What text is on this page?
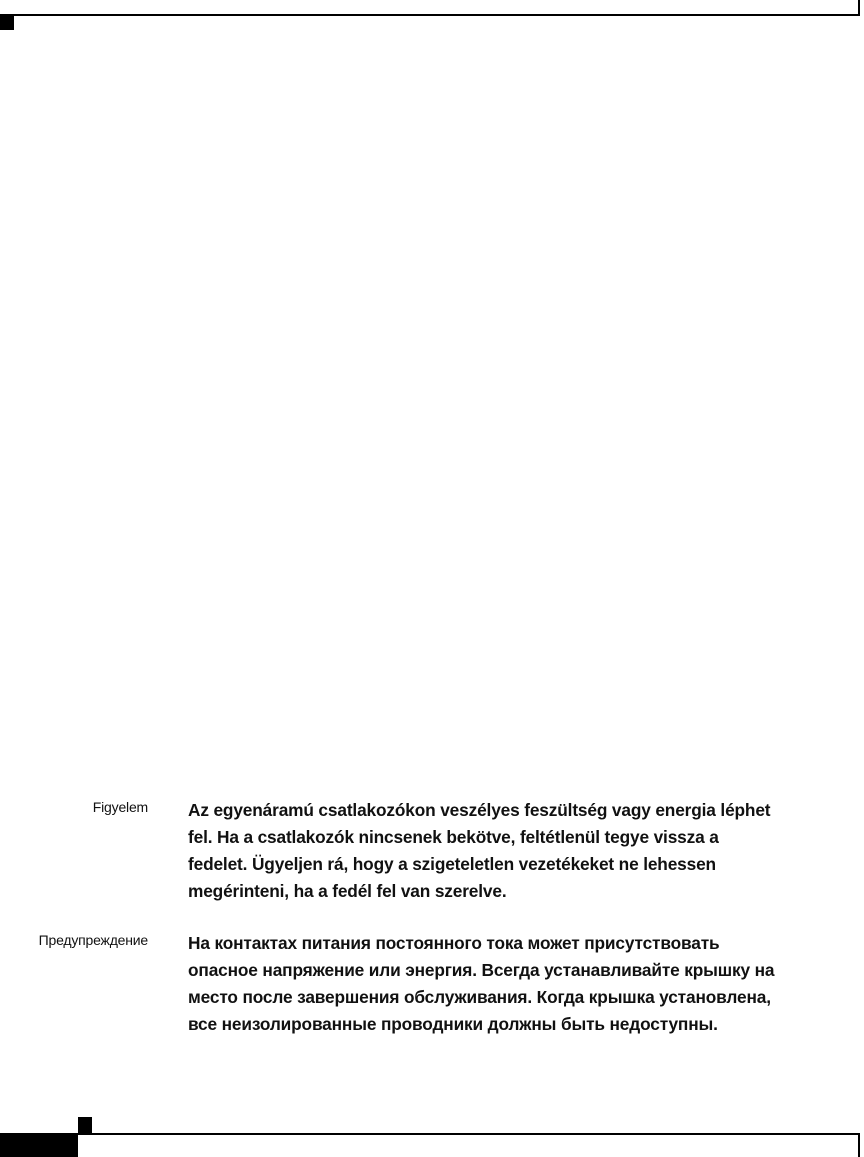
Figyelem Az egyenáramú csatlakozókon veszélyes feszültség vagy energia léphet
fel. Ha a csatlakozók nincsenek bekötve, feltétlenül tegye vissza a
fedelet. Ügyeljen rá, hogy a szigeteletlen vezetékeket ne lehessen
megérinteni, ha a fedél fel van szerelve.
Предупреждение На контактах питания постоянного тока может присутствовать
опасное напряжение или энергия. Всегда устанавливайте крышку на
место после завершения обслуживания. Когда крышка установлена,
все неизолированные проводники должны быть недоступны.
